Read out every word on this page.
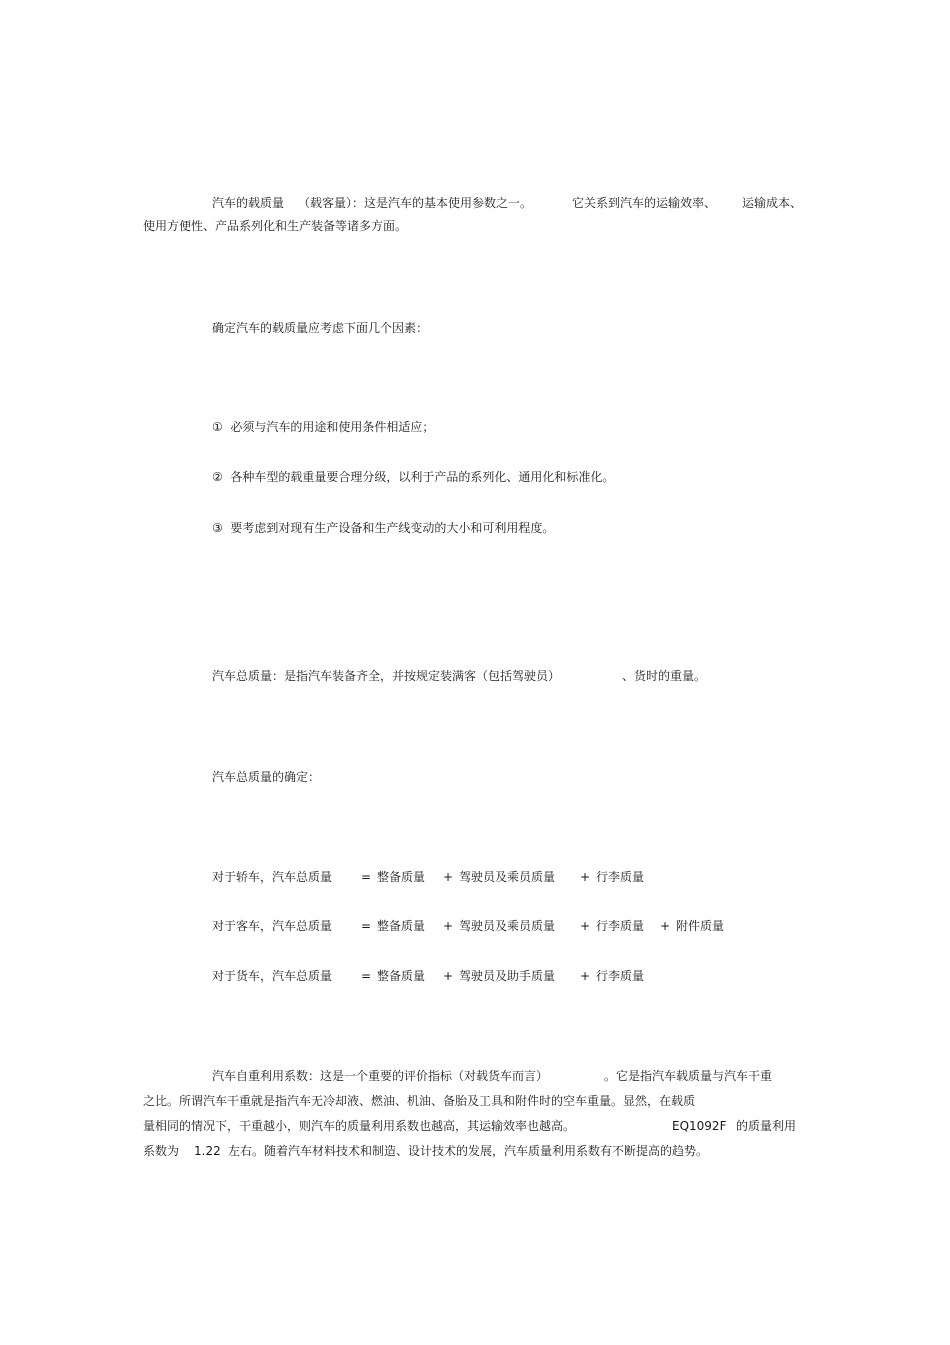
汽车的载质量

（载客量）：这是汽车的基本使用参数之一。

	它关系到汽车的运输效率、

运输成本、

使用方便性、产品系列化和生产装备等诸多方面。
确定汽车的载质量应考虑下面几个因素：
①  必须与汽车的用途和使用条件相适应；
②  各种车型的载重量要合理分级，以利于产品的系列化、通用化和标准化。
③  要考虑到对现有生产设备和生产线变动的大小和可利用程度。

汽车总质量：是指汽车装备齐全，并按规定装满客（包括驾驶员）

	、货时的重量。

汽车总质量的确定：

对于轿车，汽车总质量

=

整备质量

+

驾驶员及乘员质量

+

行李质量

对于客车，汽车总质量

=

整备质量

+

驾驶员及乘员质量

+

行李质量

+

附件质量

对于货车，汽车总质量

=

整备质量

+

驾驶员及助手质量

+

行李质量

汽车自重利用系数：这是一个重要的评价指标（对载货车而言）

	。它是指汽车载质量与汽车干重

之比。所谓汽车干重就是指汽车无冷却液、燃油、机油、备胎及工具和附件时的空车重量。显然，在载质

量相同的情况下，干重越小，则汽车的质量利用系数也越高，其运输效率也越高。

	EQ1092F

的质量利用

系数为

1.22

左右。随着汽车材料技术和制造、设计技术的发展，汽车质量利用系数有不断提高的趋势。
